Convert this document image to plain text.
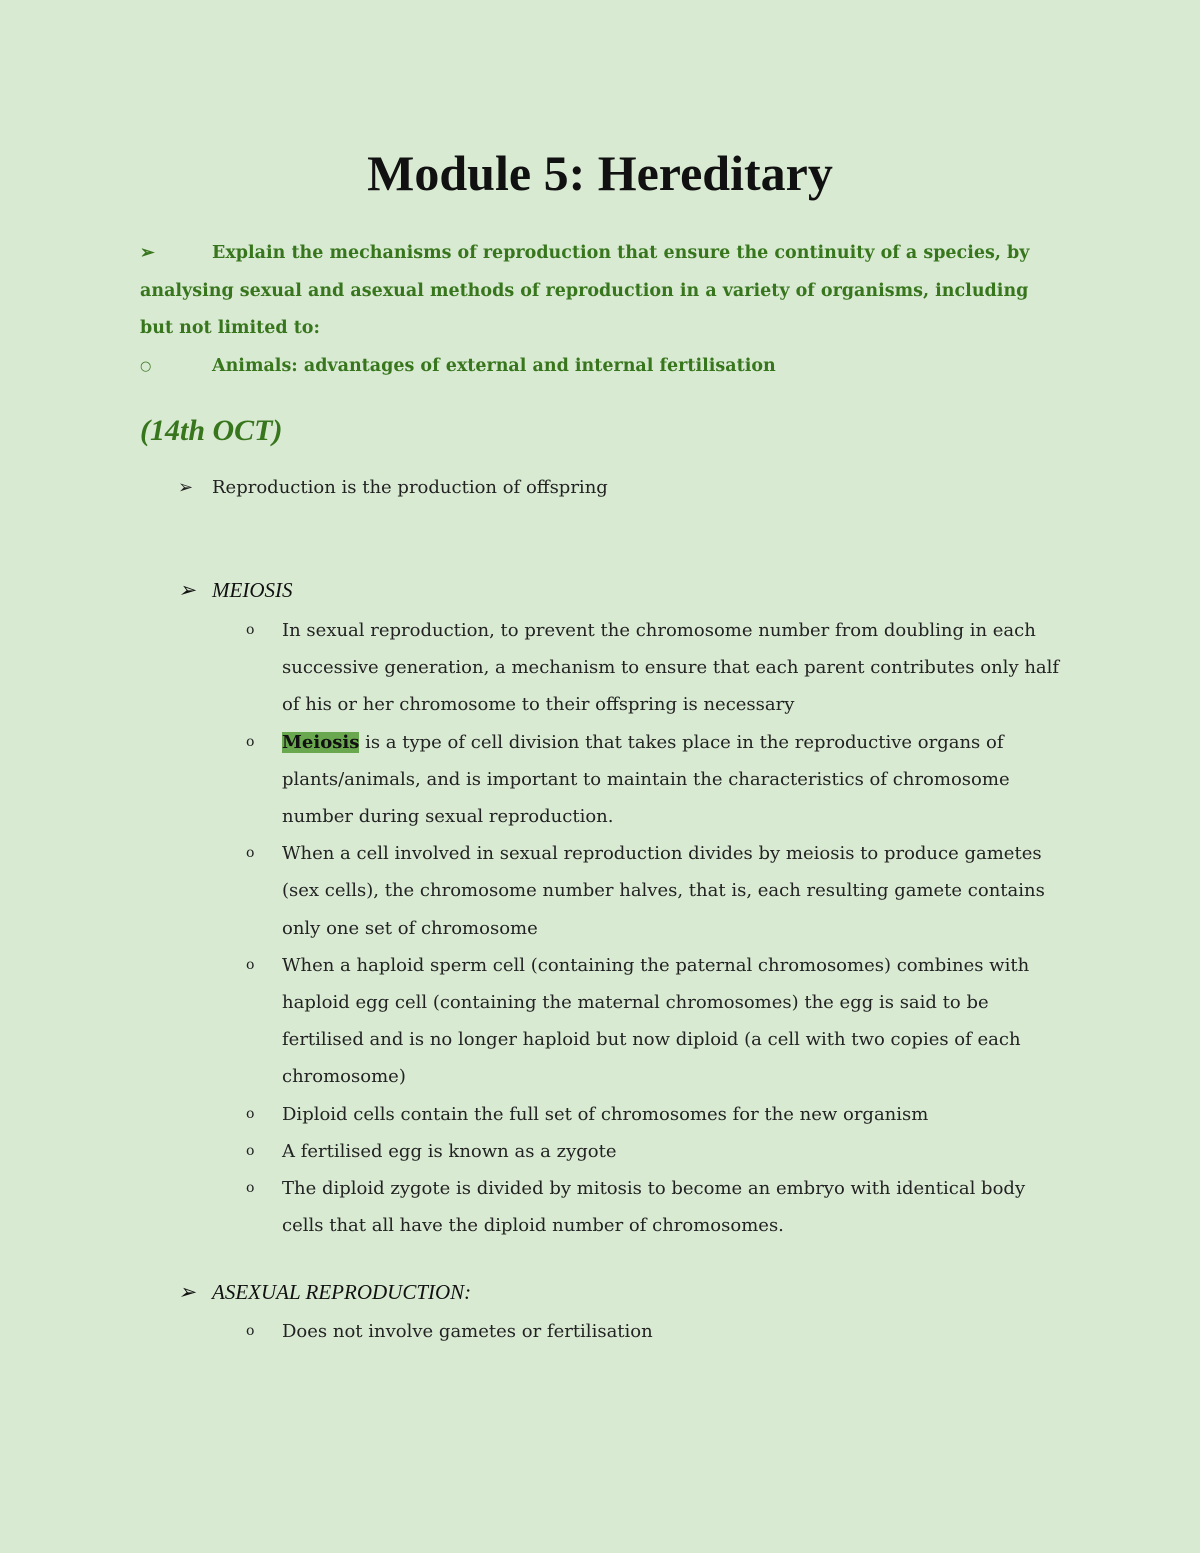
Module 5: Hereditary

➢	Explain the mechanisms of reproduction that ensure the continuity of a species, by analysing sexual and asexual methods of reproduction in a variety of organisms, including but not limited to:

○	Animals: advantages of external and internal fertilisation

(14th OCT)
➢ Reproduction is the production of offspring
➢ MEIOSIS
o In sexual reproduction, to prevent the chromosome number from doubling in each successive generation, a mechanism to ensure that each parent contributes only half of his or her chromosome to their offspring is necessary
o Meiosis is a type of cell division that takes place in the reproductive organs of plants/animals, and is important to maintain the characteristics of chromosome number during sexual reproduction.
o When a cell involved in sexual reproduction divides by meiosis to produce gametes (sex cells), the chromosome number halves, that is, each resulting gamete contains only one set of chromosome
o When a haploid sperm cell (containing the paternal chromosomes) combines with haploid egg cell (containing the maternal chromosomes) the egg is said to be fertilised and is no longer haploid but now diploid (a cell with two copies of each chromosome)
o Diploid cells contain the full set of chromosomes for the new organism
o A fertilised egg is known as a zygote
o The diploid zygote is divided by mitosis to become an embryo with identical body cells that all have the diploid number of chromosomes.
➢ ASEXUAL REPRODUCTION:
o Does not involve gametes or fertilisation
